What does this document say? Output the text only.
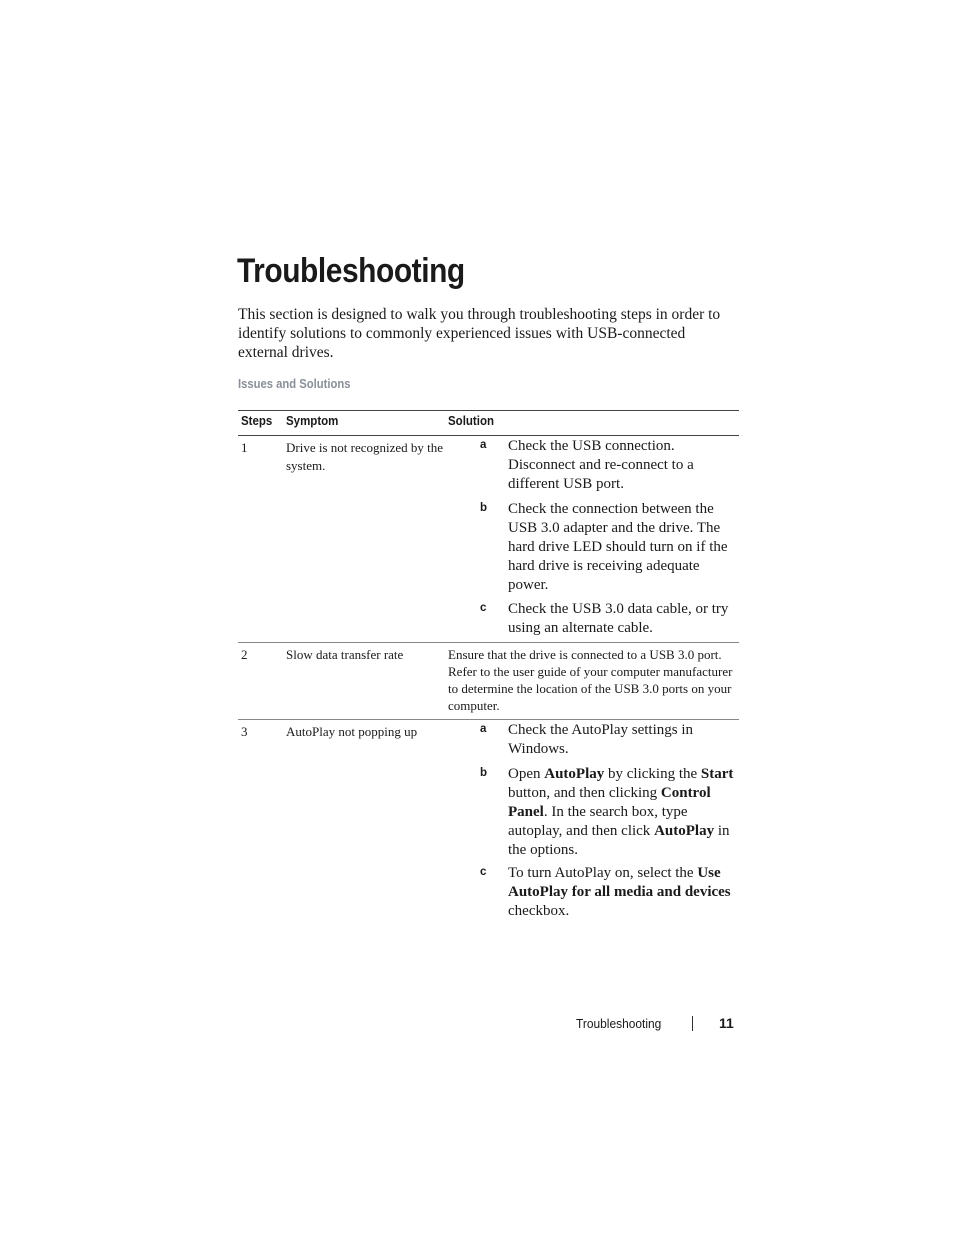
Troubleshooting

This section is designed to walk you through troubleshooting steps in order to identify solutions to commonly experienced issues with USB-connected external drives.

Issues and Solutions

Steps Symptom	Solution
1	Drive is not recognized by the system.
a Check the USB connection. Disconnect and re-connect to a different USB port.
b Check the connection between the USB 3.0 adapter and the drive. The hard drive LED should turn on if the hard drive is receiving adequate power.
c Check the USB 3.0 data cable, or try using an alternate cable.
2	Slow data transfer rate	Ensure that the drive is connected to a USB 3.0 port. Refer to the user guide of your computer manufacturer to determine the location of the USB 3.0 ports on your computer.
3	AutoPlay not popping up	a Check the AutoPlay settings in Windows.
b Open AutoPlay by clicking the Start button, and then clicking Control Panel. In the search box, type autoplay, and then click AutoPlay in the options.
c To turn AutoPlay on, select the Use AutoPlay for all media and devices checkbox.
Troubleshooting	11
